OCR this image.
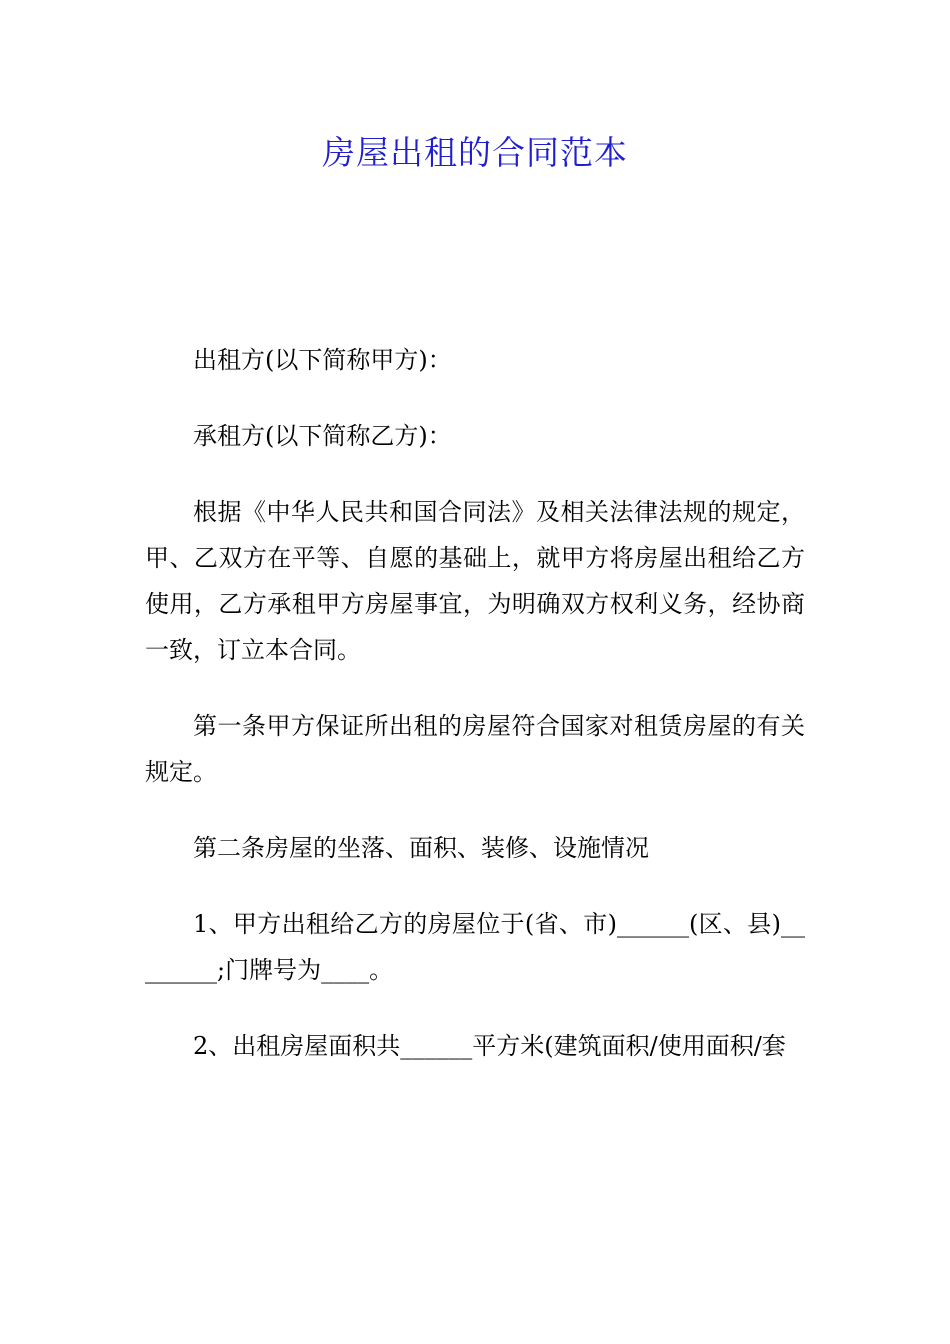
房屋出租的合同范本

出租方(以下简称甲方)：

承租方(以下简称乙方)：

根据《中华人民共和国合同法》及相关法律法规的规定，甲、乙双方在平等、自愿的基础上，就甲方将房屋出租给乙方使用，乙方承租甲方房屋事宜，为明确双方权利义务，经协商一致，订立本合同。

第一条甲方保证所出租的房屋符合国家对租赁房屋的有关规定。

第二条房屋的坐落、面积、装修、设施情况

1、甲方出租给乙方的房屋位于(省、市)______(区、县)________;门牌号为____。

2、出租房屋面积共______平方米(建筑面积/使用面积/套
